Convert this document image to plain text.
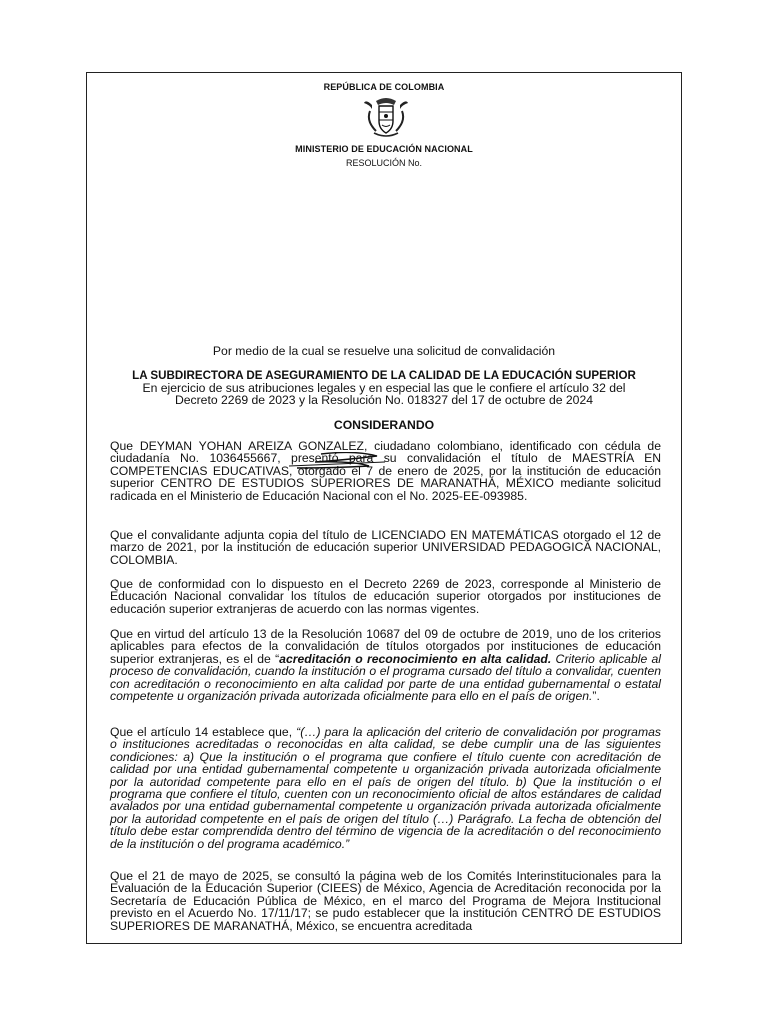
REPÚBLICA DE COLOMBIA
MINISTERIO DE EDUCACIÓN NACIONAL
RESOLUCIÓN No.
Por medio de la cual se resuelve una solicitud de convalidación
LA SUBDIRECTORA DE ASEGURAMIENTO DE LA CALIDAD DE LA EDUCACIÓN SUPERIOR
En ejercicio de sus atribuciones legales y en especial las que le confiere el artículo 32 del
Decreto 2269 de 2023 y la Resolución No. 018327 del 17 de octubre de 2024
CONSIDERANDO

Que DEYMAN YOHAN AREIZA GONZALEZ, ciudadano colombiano, identificado con cédula de ciudadanía No. 1036455667, presentó para su convalidación el título de MAESTRÍA EN COMPETENCIAS EDUCATIVAS, otorgado el 7 de enero de 2025, por la institución de educación superior CENTRO DE ESTUDIOS SUPERIORES DE MARANATHÁ, MÉXICO mediante solicitud radicada en el Ministerio de Educación Nacional con el No. 2025-EE-093985.

Que el convalidante adjunta copia del título de LICENCIADO EN MATEMÁTICAS otorgado el 12 de marzo de 2021, por la institución de educación superior UNIVERSIDAD PEDAGOGICA NACIONAL, COLOMBIA.

Que de conformidad con lo dispuesto en el Decreto 2269 de 2023, corresponde al Ministerio de Educación Nacional convalidar los títulos de educación superior otorgados por instituciones de educación superior extranjeras de acuerdo con las normas vigentes.

Que en virtud del artículo 13 de la Resolución 10687 del 09 de octubre de 2019, uno de los criterios aplicables para efectos de la convalidación de títulos otorgados por instituciones de educación superior extranjeras, es el de “acreditación o reconocimiento en alta calidad. Criterio aplicable al proceso de convalidación, cuando la institución o el programa cursado del título a convalidar, cuenten con acreditación o reconocimiento en alta calidad por parte de una entidad gubernamental o estatal competente u organización privada autorizada oficialmente para ello en el país de origen.”.

Que el artículo 14 establece que, “(…) para la aplicación del criterio de convalidación por programas o instituciones acreditadas o reconocidas en alta calidad, se debe cumplir una de las siguientes condiciones: a) Que la institución o el programa que confiere el título cuente con acreditación de calidad por una entidad gubernamental competente u organización privada autorizada oficialmente por la autoridad competente para ello en el país de origen del título. b) Que la institución o el programa que confiere el título, cuenten con un reconocimiento oficial de altos estándares de calidad avalados por una entidad gubernamental competente u organización privada autorizada oficialmente por la autoridad competente en el país de origen del título (…) Parágrafo. La fecha de obtención del título debe estar comprendida dentro del término de vigencia de la acreditación o del reconocimiento de la institución o del programa académico.”

Que el 21 de mayo de 2025, se consultó la página web de los Comités Interinstitucionales para la Evaluación de la Educación Superior (CIEES) de México, Agencia de Acreditación reconocida por la Secretaría de Educación Pública de México, en el marco del Programa de Mejora Institucional previsto en el Acuerdo No. 17/11/17; se pudo establecer que la institución CENTRO DE ESTUDIOS SUPERIORES DE MARANATHÁ, México, se encuentra acreditada
